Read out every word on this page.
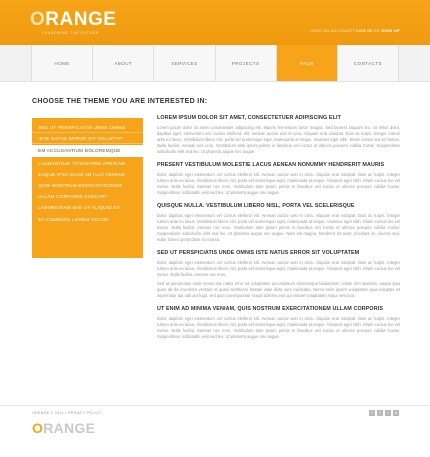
ORANGE
LAUNCHING THE FUTURE	HAVE AN ACCOUNT? LOG IN OR SIGN UP
HOME	ABOUT	SERVICES	PROJECTS	FAQS	CONTACTS
CHOOSE THE THEME YOU ARE INTERESTED IN:
SED UT PERSPICIATIS UNDE OMNIS
ISTE NATUS ERROR SIT VOLUPTAT
EM ACCUSANTIUM DOLOREMQUE
LAUDANTIUM TOTAM REM APERIAM
EAQUE IPSA QUAE AB ILLO VENIAM
QUIS NOSTRUM EXERCITATIONEM
ULLAM CORPORIS SUSCIPIT
LABORIOSAM NISI UT ALIQUID EX
EA COMMODI LOREM DOLOR
LOREM IPSUM DOLOR SIT AMET, CONSECTETUER ADIPISCING ELIT

Lorem ipsum dolor sit amet consectetuer adipiscing elit. Mauris fermentum tortor magna. Sed laoreet aliquam leo. Ut tellus dolor, dapibus eget, elementum vel, cursus eleifend, elit. Aenean auctor wisi et urna. Aliquam erat volutpat. Duis ac turpis. Integer rutrum ante eu lacus. Vestibulum libero nisl, porta vel scelerisque eget, malesuada at neque. Vivamus eget nibh. Etiam cursus leo vel metus. Nulla facilisi. Aenean nec eros. Vestibulum ante ipsum primis in faucibus orci luctus et ultrices posuere cubilia Curae; Suspendisse sollicitudin velit sed leo. Ut pharetra augue nec augue.

PRESENT VESTIBULUM MOLESTIE LACUS AENEAN NONUMMY HENDRERIT MAURIS

Dolor dapibus eget elementum vel cursus eleifend elit. Aenean auctor wisi et urna. Aliquam erat volutpat. Duis ac turpis. Integer rutrum ante eu lacus. Vestibulum libero nisl, porta vel scelerisque eget, malesuada at neque. Vivamus eget nibh. Etiam cursus leo vel metus. Nulla facilisi. Aenean nec eros. Vestibulum ante ipsum primis in faucibus orci luctus et ultrices posuere cubilia Curae; Suspendisse sollicitudin velit sed leo. Ut pharetra augue nec augue.

QUISQUE NULLA. VESTIBULUM LIBERO NISL, PORTA VEL SCELERISQUE

Dolor dapibus eget elementum vel cursus eleifend elit. Aenean auctor wisi et urna. Aliquam erat volutpat. Duis ac turpis. Integer rutrum ante eu lacus. Vestibulum libero nisl, porta vel scelerisque eget, malesuada at neque. Vivamus eget nibh. Etiam cursus leo vel metus. Nulla facilisi. Aenean nec eros. Vestibulum ante ipsum primis in faucibus orci luctus et ultrices posuere cubilia Curae; Suspendisse sollicitudin velit sed leo. Ut pharetra augue nec augue. Nam elit magna, hendrerit sit amet, tincidunt ac, viverra sed, nulla. Donec porta diam eu massa.

SED UT PERSPICIATIS UNDE OMNIS ISTE NATUS ERROR SIT VOLUPTATEM

Dolor dapibus eget elementum vel cursus eleifend elit. Aenean auctor wisi et urna. Aliquam erat volutpat. Duis ac turpis. Integer rutrum ante eu lacus. Vestibulum libero nisl, porta vel scelerisque eget, malesuada at neque. Vivamus eget nibh. Etiam cursus leo vel metus. Nulla facilisi. Aenean nec eros.

Sed ut perspiciatis unde omnis iste natus error sit voluptatem accusantium doloremque laudantium, totam rem aperiam, eaque ipsa quae ab illo inventore veritatis et quasi architecto beatae vitae dicta sunt explicabo. Nemo enim ipsam voluptatem quia voluptas sit aspernatur aut odit aut fugit, sed quia consequuntur magni dolores eos qui ratione voluptatem sequi nesciunt.

UT ENIM AD MINIMA VENIAM, QUIS NOSTRUM EXERCITATIONEM ULLAM CORPORIS

Dolor dapibus eget elementum vel cursus eleifend elit. Aenean auctor wisi et urna. Aliquam erat volutpat. Duis ac turpis. Integer rutrum ante eu lacus. Vestibulum libero nisl, porta vel scelerisque eget, malesuada at neque. Vivamus eget nibh. Etiam cursus leo vel metus. Nulla facilisi. Aenean nec eros. Vestibulum ante ipsum primis in faucibus orci luctus et ultrices posuere cubilia Curae; Suspendisse sollicitudin velit sed leo. Ut pharetra augue nec augue.

ORANGE © 2011 • PRIVACY POLICY
ORANGE
t	f	r	s
